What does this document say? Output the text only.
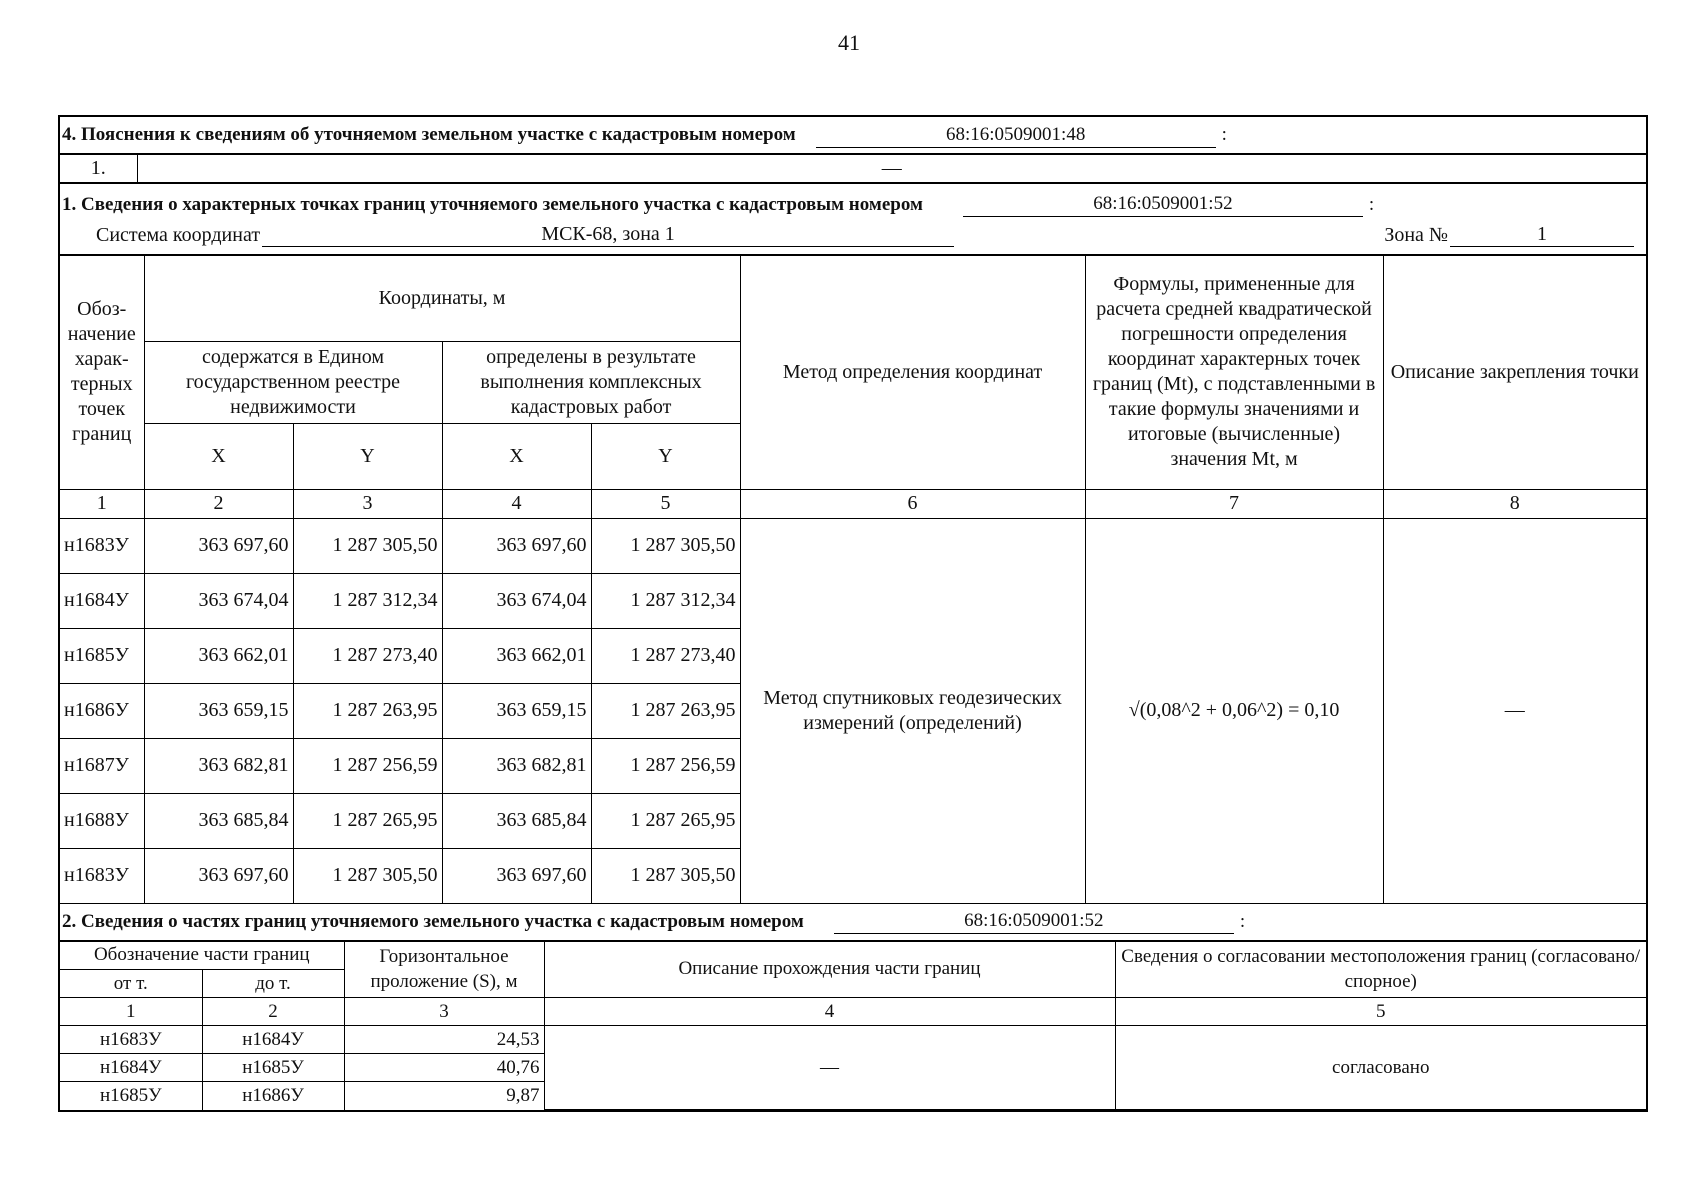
41
4. Пояснения к сведениям об уточняемом земельном участке с кадастровым номером	68:16:0509001:48	:
1.	—
1. Сведения о характерных точках границ уточняемого земельного участка с кадастровым номером	68:16:0509001:52	:
Система координат	МСК-68, зона 1	Зона №	1
Обоз-начение харак-терных точек границ	Координаты, м				Метод определения координат	Формулы, примененные для расчета средней квадратической погрешности определения координат характерных точек границ (Mt), с подставленными в такие формулы значениями и итоговые (вычисленные) значения Mt, м	Описание закрепления точки
	содержатся в Едином государственном реестре недвижимости		определены в результате выполнения комплексных кадастровых работ				
	X	Y	X	Y			
1	2	3	4	5	6	7	8
н1683У	363 697,60	1 287 305,50	363 697,60	1 287 305,50	Метод спутниковых геодезических измерений (определений)	√(0,08^2 + 0,06^2) = 0,10	—
н1684У	363 674,04	1 287 312,34	363 674,04	1 287 312,34			
н1685У	363 662,01	1 287 273,40	363 662,01	1 287 273,40			
н1686У	363 659,15	1 287 263,95	363 659,15	1 287 263,95			
н1687У	363 682,81	1 287 256,59	363 682,81	1 287 256,59			
н1688У	363 685,84	1 287 265,95	363 685,84	1 287 265,95			
н1683У	363 697,60	1 287 305,50	363 697,60	1 287 305,50			
2. Сведения о частях границ уточняемого земельного участка с кадастровым номером	68:16:0509001:52	:
Обозначение части границ		Горизонтальное проложение (S), м	Описание прохождения части границ	Сведения о согласовании местоположения границ (согласовано/спорное)
от т.	до т.			
1	2	3	4	5
н1683У	н1684У	24,53	—	согласовано
н1684У	н1685У	40,76		
н1685У	н1686У	9,87		
